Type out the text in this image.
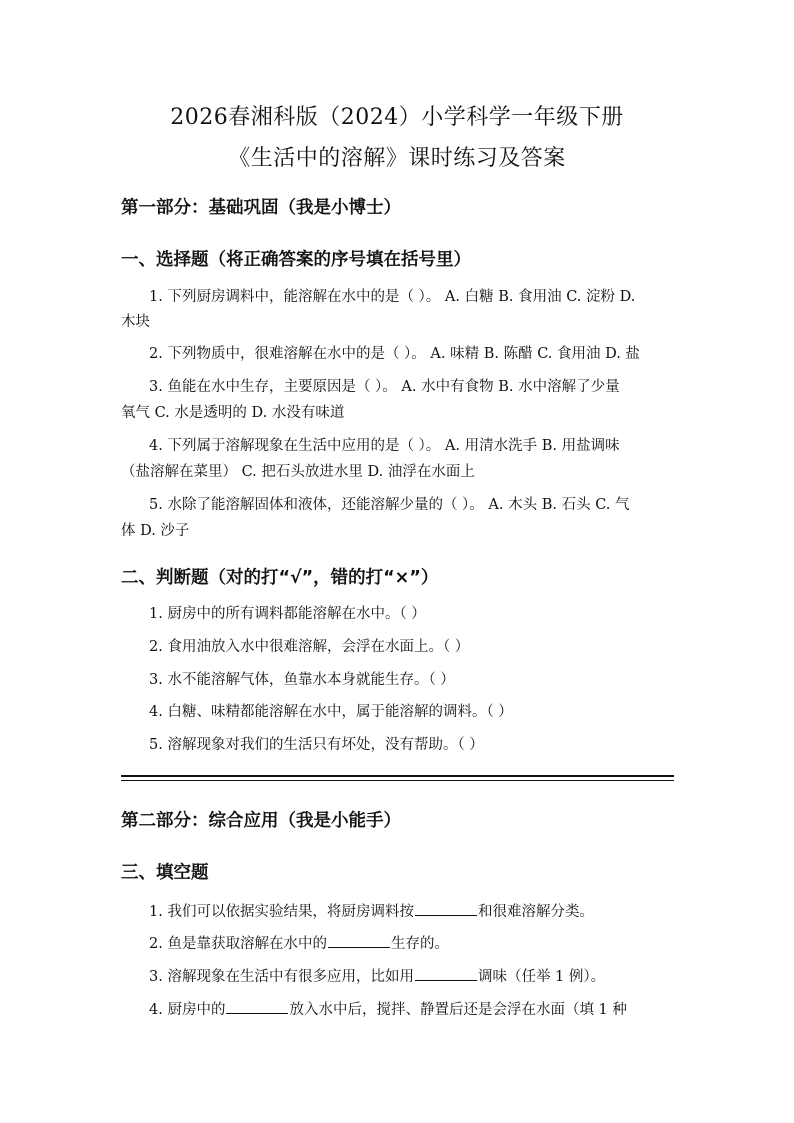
2026春湘科版（2024）小学科学一年级下册
《生活中的溶解》课时练习及答案
第一部分：基础巩固（我是小博士）
一、选择题（将正确答案的序号填在括号里）
1. 下列厨房调料中，能溶解在水中的是（ ）。 A. 白糖 B. 食用油 C. 淀粉 D.
木块
2. 下列物质中，很难溶解在水中的是（ ）。 A. 味精 B. 陈醋 C. 食用油 D. 盐
3. 鱼能在水中生存，主要原因是（ ）。 A. 水中有食物 B. 水中溶解了少量
氧气 C. 水是透明的 D. 水没有味道
4. 下列属于溶解现象在生活中应用的是（ ）。 A. 用清水洗手 B. 用盐调味
（盐溶解在菜里） C. 把石头放进水里 D. 油浮在水面上
5. 水除了能溶解固体和液体，还能溶解少量的（ ）。 A. 木头 B. 石头 C. 气
体 D. 沙子
二、判断题（对的打“√”，错的打“×”）
1. 厨房中的所有调料都能溶解在水中。（ ）
2. 食用油放入水中很难溶解，会浮在水面上。（ ）
3. 水不能溶解气体，鱼靠水本身就能生存。（ ）
4. 白糖、味精都能溶解在水中，属于能溶解的调料。（ ）
5. 溶解现象对我们的生活只有坏处，没有帮助。（ ）
第二部分：综合应用（我是小能手）
三、填空题
1. 我们可以依据实验结果，将厨房调料按	和很难溶解分类。
2. 鱼是靠获取溶解在水中的	生存的。
3. 溶解现象在生活中有很多应用，比如用	调味（任举 1 例）。
4. 厨房中的	放入水中后，搅拌、静置后还是会浮在水面（填 1 种
